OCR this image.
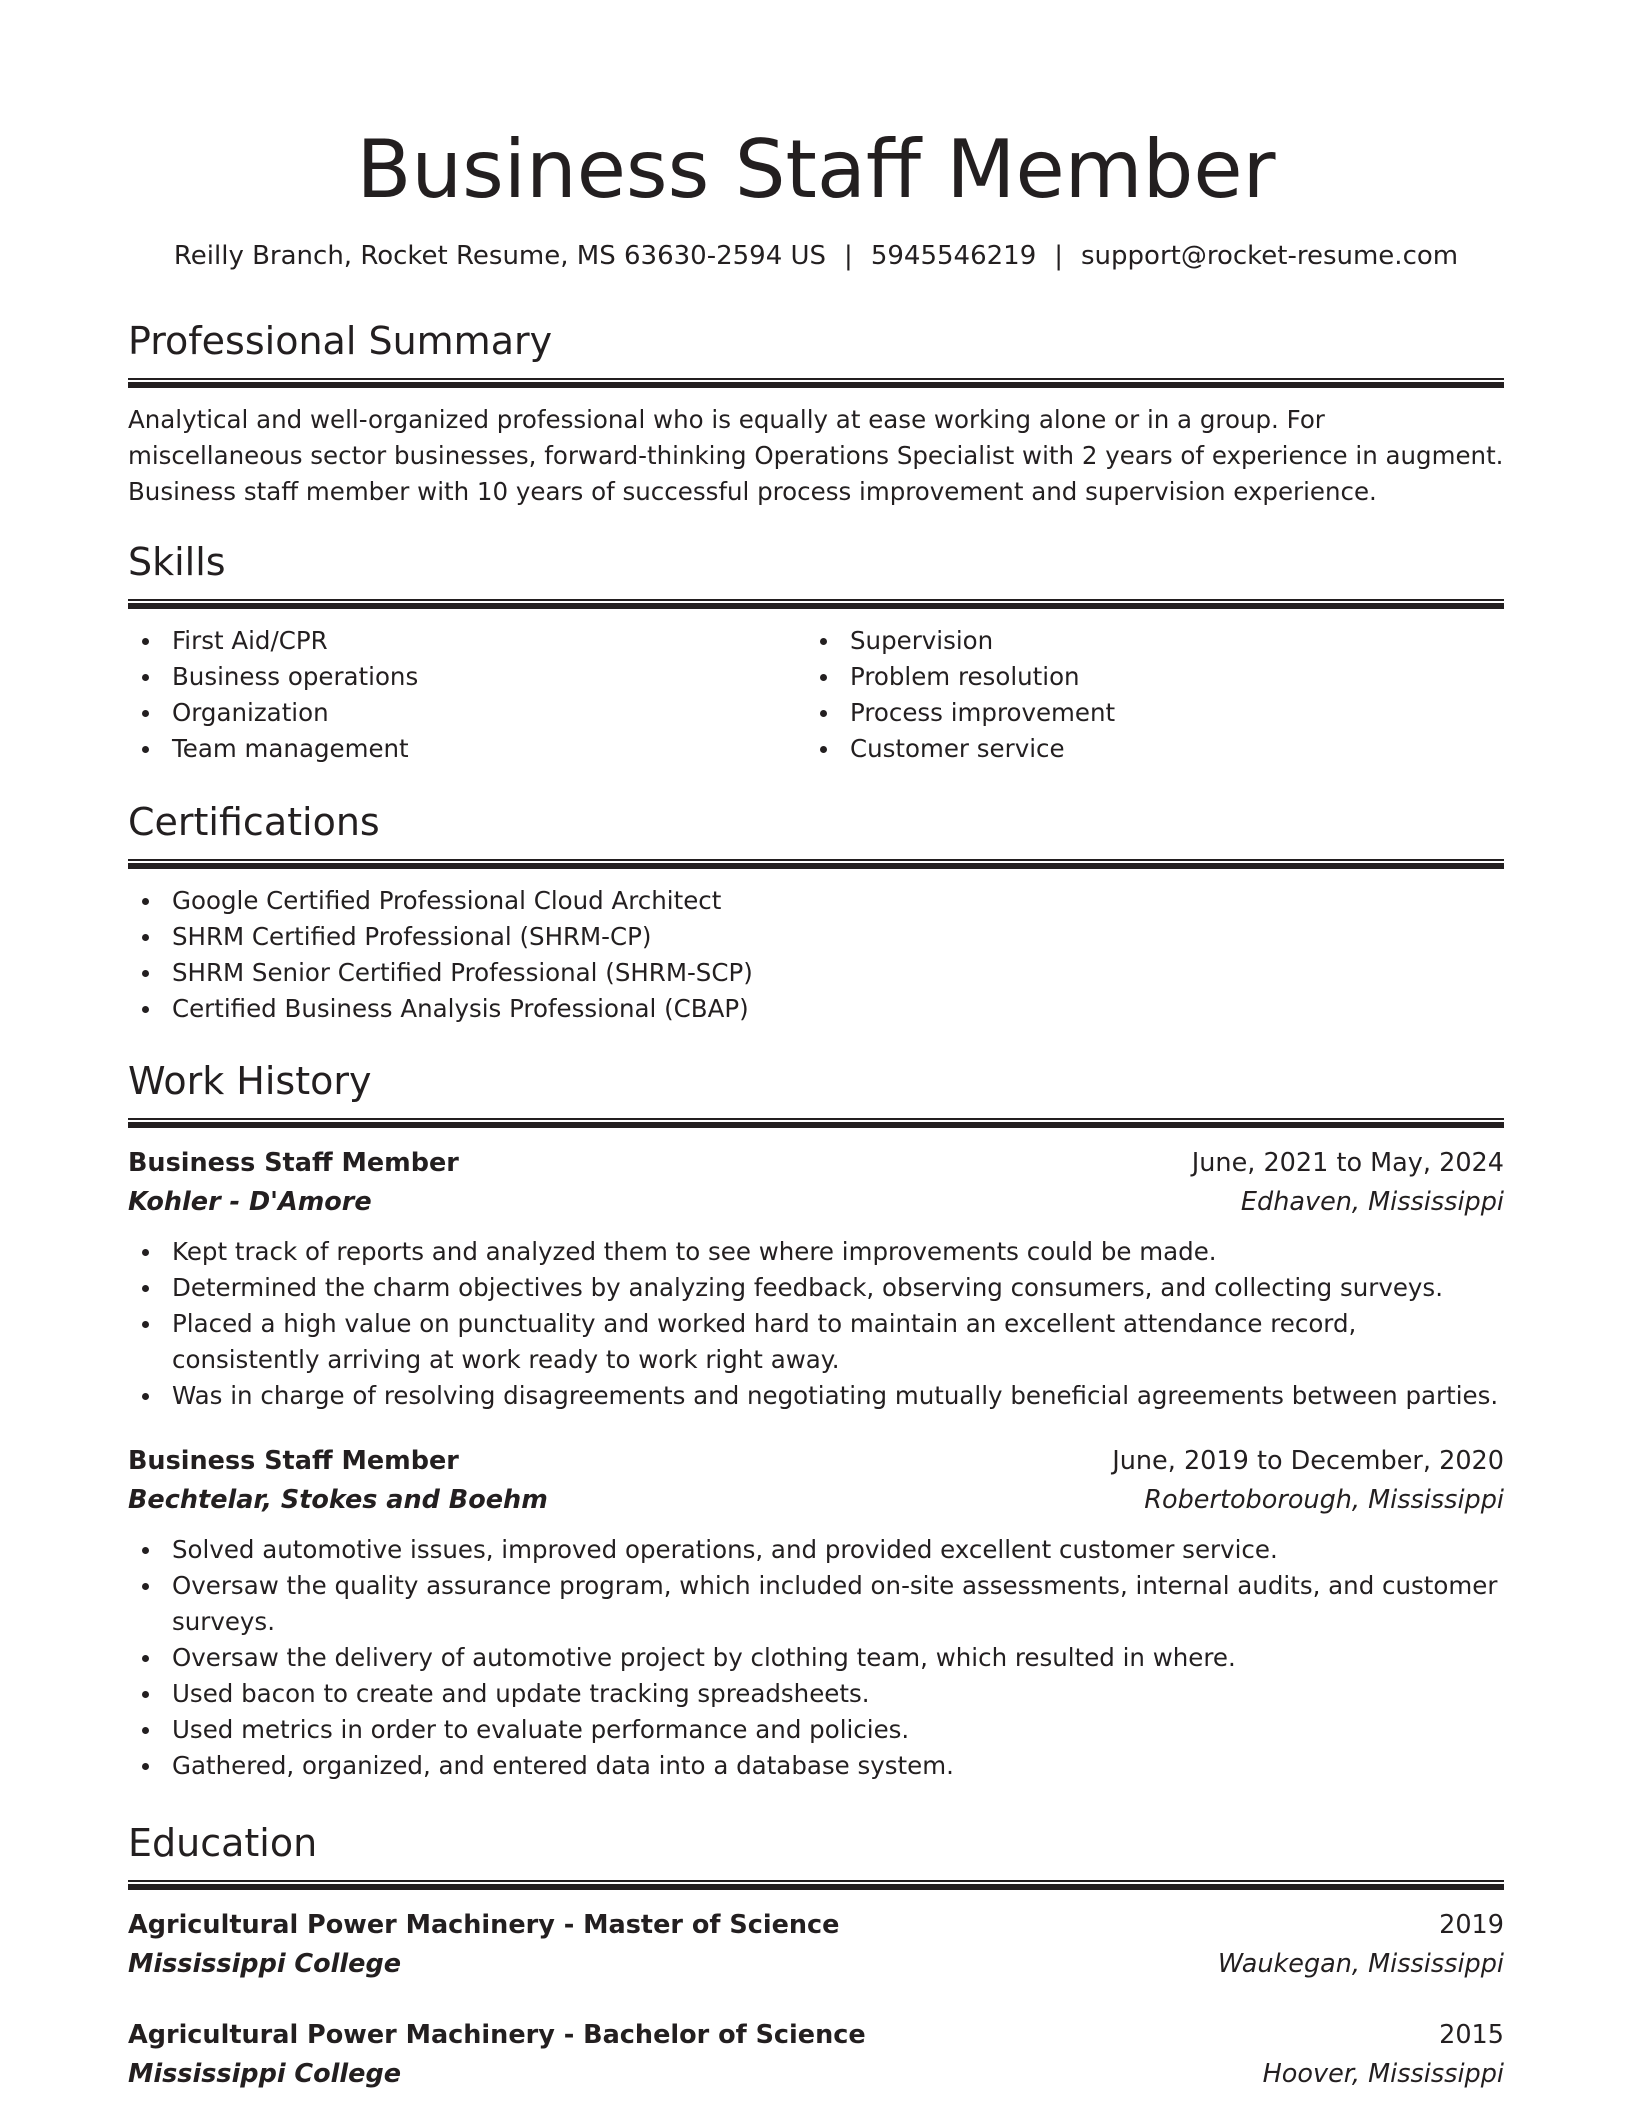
Business Staff Member
Reilly Branch, Rocket Resume, MS 63630-2594 US | 5945546219 | support@rocket-resume.com
Professional Summary

Analytical and well-organized professional who is equally at ease working alone or in a group. For miscellaneous sector businesses, forward-thinking Operations Specialist with 2 years of experience in augment. Business staff member with 10 years of successful process improvement and supervision experience.

Skills
First Aid/CPR
Business operations
Organization
Team management
Supervision
Problem resolution
Process improvement
Customer service
Certifications
Google Certified Professional Cloud Architect
SHRM Certified Professional (SHRM-CP)
SHRM Senior Certified Professional (SHRM-SCP)
Certified Business Analysis Professional (CBAP)
Work History
Business Staff Member	June, 2021 to May, 2024
Kohler - D'Amore	Edhaven, Mississippi
Kept track of reports and analyzed them to see where improvements could be made.
Determined the charm objectives by analyzing feedback, observing consumers, and collecting surveys.
Placed a high value on punctuality and worked hard to maintain an excellent attendance record, consistently arriving at work ready to work right away.
Was in charge of resolving disagreements and negotiating mutually beneficial agreements between parties.
Business Staff Member	June, 2019 to December, 2020
Bechtelar, Stokes and Boehm	Robertoborough, Mississippi
Solved automotive issues, improved operations, and provided excellent customer service.
Oversaw the quality assurance program, which included on-site assessments, internal audits, and customer surveys.
Oversaw the delivery of automotive project by clothing team, which resulted in where.
Used bacon to create and update tracking spreadsheets.
Used metrics in order to evaluate performance and policies.
Gathered, organized, and entered data into a database system.
Education
Agricultural Power Machinery - Master of Science	2019
Mississippi College	Waukegan, Mississippi
Agricultural Power Machinery - Bachelor of Science	2015
Mississippi College	Hoover, Mississippi
